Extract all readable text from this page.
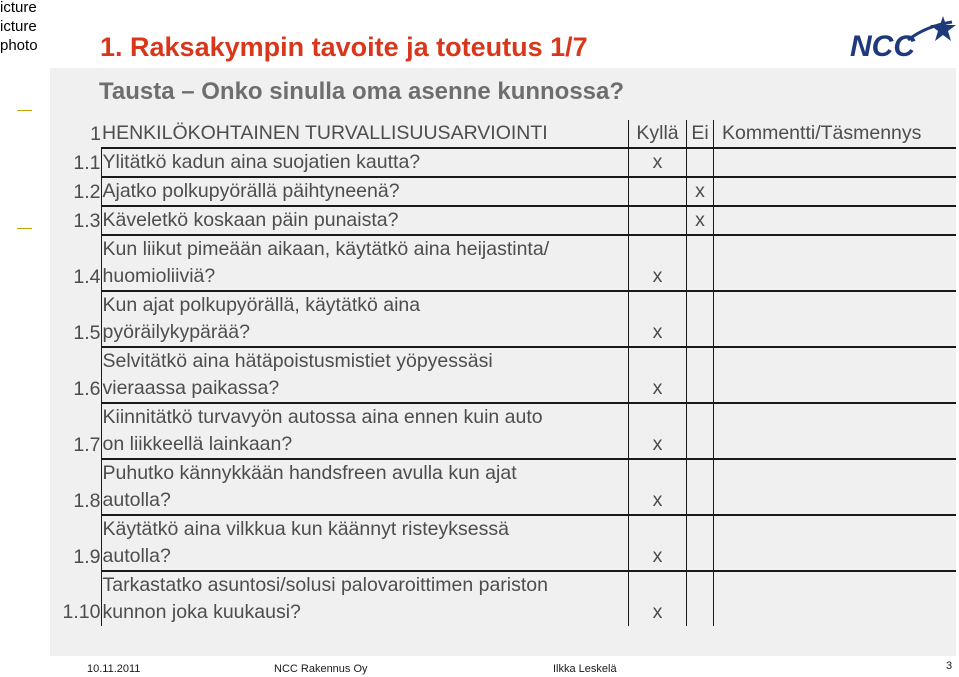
icture
icture
photo 1. Raksakympin tavoite ja toteutus 1/7	NCC
Tausta – Onko sinulla oma asenne kunnossa?
1	HENKILÖKOHTAINEN TURVALLISUUSARVIOINTI	Kyllä	Ei	Kommentti/Täsmennys
1.1	Ylitätkö kadun aina suojatien kautta?	x		
1.2	Ajatko polkupyörällä päihtyneenä?		x	
1.3	Käveletkö koskaan päin punaista?		x	
1.4	Kun liikut pimeään aikaan, käytätkö aina heijastinta/
huomioliiviä?	x		
1.5	Kun ajat polkupyörällä, käytätkö aina
pyöräilykypärää?	x		
1.6	Selvitätkö aina hätäpoistusmistiet yöpyessäsi
vieraassa paikassa?	x		
1.7	Kiinnitätkö turvavyön autossa aina ennen kuin auto
on liikkeellä lainkaan?	x		
1.8	Puhutko kännykkään handsfreen avulla kun ajat
autolla?	x		
1.9	Käytätkö aina vilkkua kun käännyt risteyksessä
autolla?	x		
1.10	Tarkastatko asuntosi/solusi palovaroittimen pariston
kunnon joka kuukausi?	x		
10.11.2011	NCC Rakennus Oy	Ilkka Leskelä	3
